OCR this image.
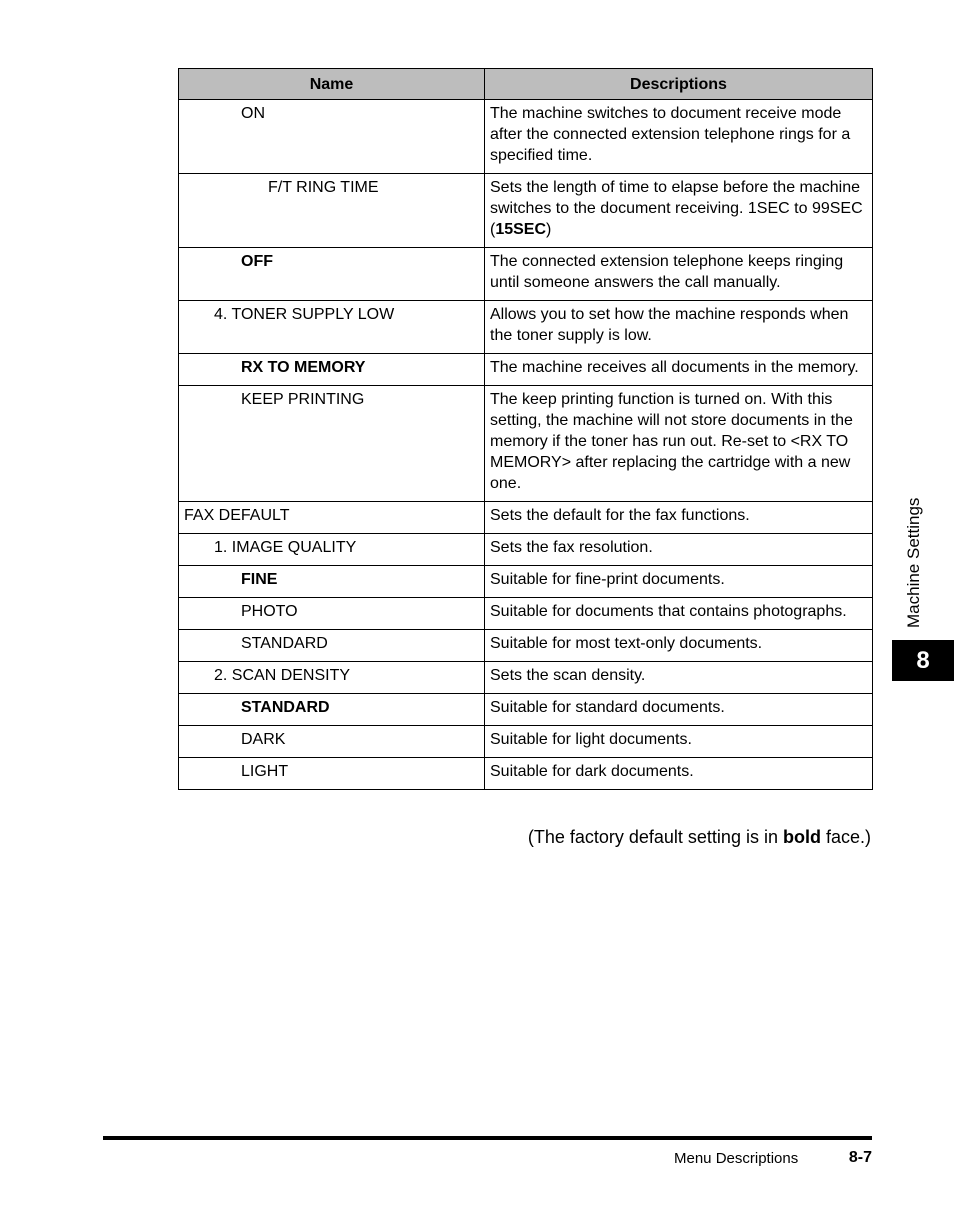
Name	Descriptions
ON	The machine switches to document receive mode after the connected extension telephone rings for a specified time.
F/T RING TIME	Sets the length of time to elapse before the machine switches to the document receiving. 1SEC to 99SEC (15SEC)
OFF	The connected extension telephone keeps ringing until someone answers the call manually.
4. TONER SUPPLY LOW	Allows you to set how the machine responds when the toner supply is low.
RX TO MEMORY	The machine receives all documents in the memory.
KEEP PRINTING	The keep printing function is turned on. With this setting, the machine will not store documents in the memory if the toner has run out. Re-set to <RX TO MEMORY> after replacing the cartridge with a new one.
FAX DEFAULT	Sets the default for the fax functions.
1. IMAGE QUALITY	Sets the fax resolution.
FINE	Suitable for fine-print documents.
PHOTO	Suitable for documents that contains photographs.
STANDARD	Suitable for most text-only documents.
2. SCAN DENSITY	Sets the scan density.
STANDARD	Suitable for standard documents.
DARK	Suitable for light documents.
LIGHT	Suitable for dark documents.
(The factory default setting is in bold face.)
Machine Settings
8
Menu Descriptions	8-7
